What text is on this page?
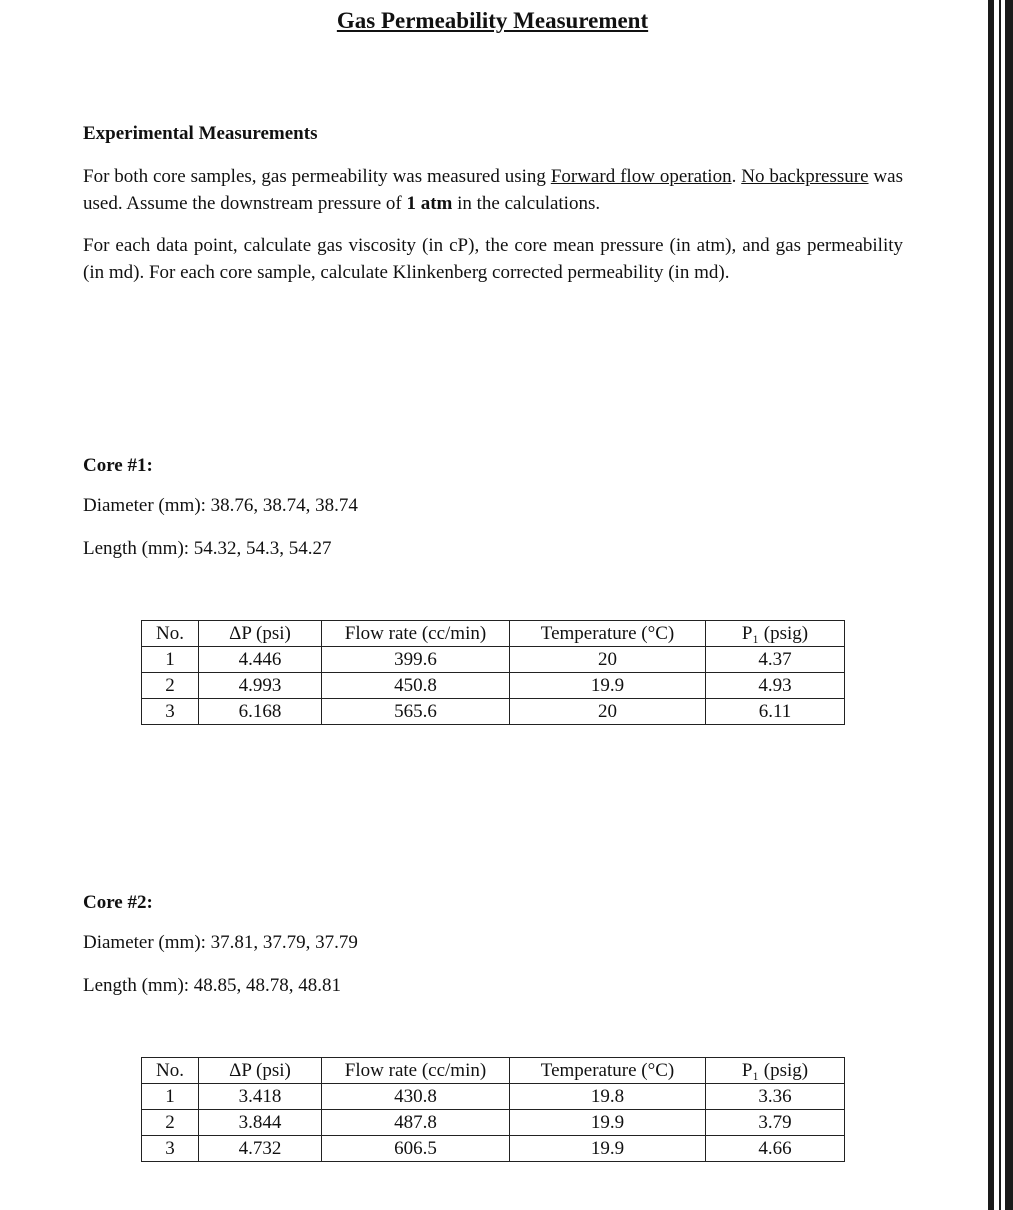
Gas Permeability Measurement
Experimental Measurements
For both core samples, gas permeability was measured using Forward flow operation. No backpressure was used. Assume the downstream pressure of 1 atm in the calculations.
For each data point, calculate gas viscosity (in cP), the core mean pressure (in atm), and gas permeability (in md). For each core sample, calculate Klinkenberg corrected permeability (in md).
Core #1:
Diameter (mm): 38.76, 38.74, 38.74
Length (mm): 54.32, 54.3, 54.27
No.	ΔP (psi)	Flow rate (cc/min)	Temperature (°C)	P₁ (psig)
1	4.446	399.6	20	4.37
2	4.993	450.8	19.9	4.93
3	6.168	565.6	20	6.11
Core #2:
Diameter (mm): 37.81, 37.79, 37.79
Length (mm): 48.85, 48.78, 48.81
No.	ΔP (psi)	Flow rate (cc/min)	Temperature (°C)	P₁ (psig)
1	3.418	430.8	19.8	3.36
2	3.844	487.8	19.9	3.79
3	4.732	606.5	19.9	4.66
